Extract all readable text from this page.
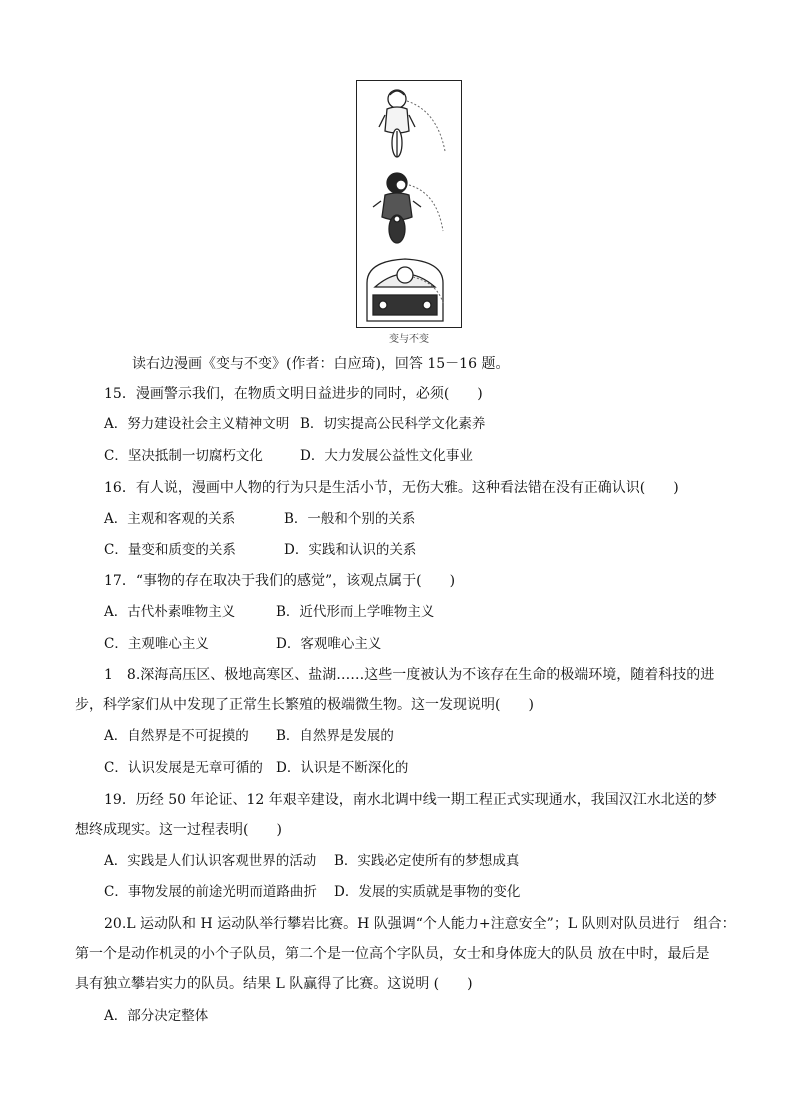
变与不变
读右边漫画《变与不变》(作者：白应琦)，回答 15－16 题。
15．漫画警示我们，在物质文明日益进步的同时，必须(　　)
A．努力建设社会主义精神文明 B．切实提高公民科学文化素养
C．坚决抵制一切腐朽文化	D．大力发展公益性文化事业
16．有人说，漫画中人物的行为只是生活小节，无伤大雅。这种看法错在没有正确认识(　　)
A．主观和客观的关系	B．一般和个别的关系
C．量变和质变的关系	D．实践和认识的关系
17．“事物的存在取决于我们的感觉”，该观点属于(　　)
A．古代朴素唯物主义	B．近代形而上学唯物主义
C．主观唯心主义	D．客观唯心主义
1　8.深海高压区、极地高寒区、盐湖……这些一度被认为不该存在生命的极端环境，随着科技的进
步，科学家们从中发现了正常生长繁殖的极端微生物。这一发现说明(　　)
A．自然界是不可捉摸的 B．自然界是发展的
C．认识发展是无章可循的 D．认识是不断深化的
19．历经 50 年论证、12 年艰辛建设，南水北调中线一期工程正式实现通水，我国汉江水北送的梦
想终成现实。这一过程表明(　　)
A．实践是人们认识客观世界的活动 B．实践必定使所有的梦想成真
C．事物发展的前途光明而道路曲折 D．发展的实质就是事物的变化
20.L 运动队和 H 运动队举行攀岩比赛。H 队强调“个人能力+注意安全”；L 队则对队员进行　组合：
第一个是动作机灵的小个子队员，第二个是一位高个字队员，女士和身体庞大的队员 放在中时，最后是
具有独立攀岩实力的队员。结果 L 队赢得了比赛。这说明 (　　)
A．部分决定整体
